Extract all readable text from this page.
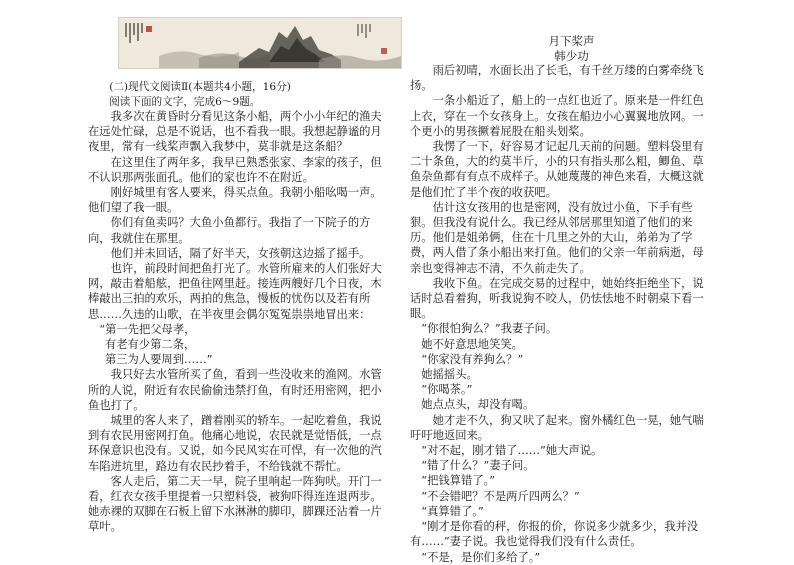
(二)现代文阅读Ⅱ(本题共4小题，16分)

阅读下面的文字，完成6～9题。

我多次在黄昏时分看见这条小船，两个小小年纪的渔夫在远处忙碌，总是不说话，也不看我一眼。我想起静谧的月夜里，常有一线桨声飘入我梦中，莫非就是这条船？

在这里住了两年多，我早已熟悉张家、李家的孩子，但不认识那两张面孔。他们的家也许不在附近。

刚好城里有客人要来，得买点鱼。我朝小船吆喝一声。他们望了我一眼。

你们有鱼卖吗？大鱼小鱼都行。我指了一下院子的方向，我就住在那里。

他们并未回话，隔了好半天，女孩朝这边摇了摇手。

也许，前段时间把鱼打光了。水管所雇来的人们张好大网，敲击着船舷，把鱼往网里赶。接连两艘好几个日夜，木棒敲出三拍的欢乐，两拍的焦急，慢板的忧伤以及若有所思……久违的山歌，在半夜里会偶尔冤冤祟祟地冒出来：

“第一先把父母孝，

有老有少第二条，

第三为人要周到……”

我只好去水管所买了鱼，看到一些没收来的渔网。水管所的人说，附近有农民偷偷违禁打鱼，有时还用密网，把小鱼也打了。

城里的客人来了，蹭着刚买的轿车。一起吃着鱼，我说到有农民用密网打鱼。他痛心地说，农民就是觉悟低，一点环保意识也没有。又说，如今民风实在可悍，有一次他的汽车陷进坑里，路边有农民抄着手，不给钱就不帮忙。

客人走后，第二天一早，院子里响起一阵狗吠。开门一看，红衣女孩手里提着一只塑料袋，被狗吓得连连退两步。她赤裸的双脚在石板上留下水淋淋的脚印，脚踝还沾着一片草叶。

月下桨声

韩少功

雨后初晴，水面长出了长毛，有千丝万缕的白雾牵绕飞扬。

一条小船近了，船上的一点红也近了。原来是一件红色上衣，穿在一个女孩身上。女孩在船边小心翼翼地放网。一个更小的男孩撅着屁股在船头划桨。

我愣了一下，好容易才记起几天前的问题。塑料袋里有二十条鱼，大的约莫半斤，小的只有指头那么粗，鲫鱼、草鱼杂鱼都有有点不成样子。从她蔑蔑的神色来看，大概这就是他们忙了半个夜的收获吧。

估计这女孩用的也是密网，没有放过小鱼，下手有些狠。但我没有说什么。我已经从邻居那里知道了他们的来历。他们是姐弟俩，住在十几里之外的大山，弟弟为了学费，两人借了条小船出来打鱼。他们的父亲一年前病逝，母亲也变得神志不清，不久前走失了。

我收下鱼。在完成交易的过程中，她始终拒绝坐下，说话时总看着狗，听我说狗不咬人，仍怯怯地不时朝桌下看一眼。

“你很怕狗么？”我妻子问。

她不好意思地笑笑。

“你家没有养狗么？”

她摇摇头。

“你喝茶。”

她点点头，却没有喝。

她才走不久，狗又吠了起来。窗外橘红色一晃，她气喘吁吁地返回来。

“对不起，刚才错了……”她大声说。

“错了什么？”妻子问。

“把钱算错了。”

“不会错吧？不是两斤四两么？”

“真算错了。”

“刚才是你看的秤，你报的价，你说多少就多少，我并没有……”妻子说。我也觉得我们没有什么责任。

“不是，是你们多给了。”
